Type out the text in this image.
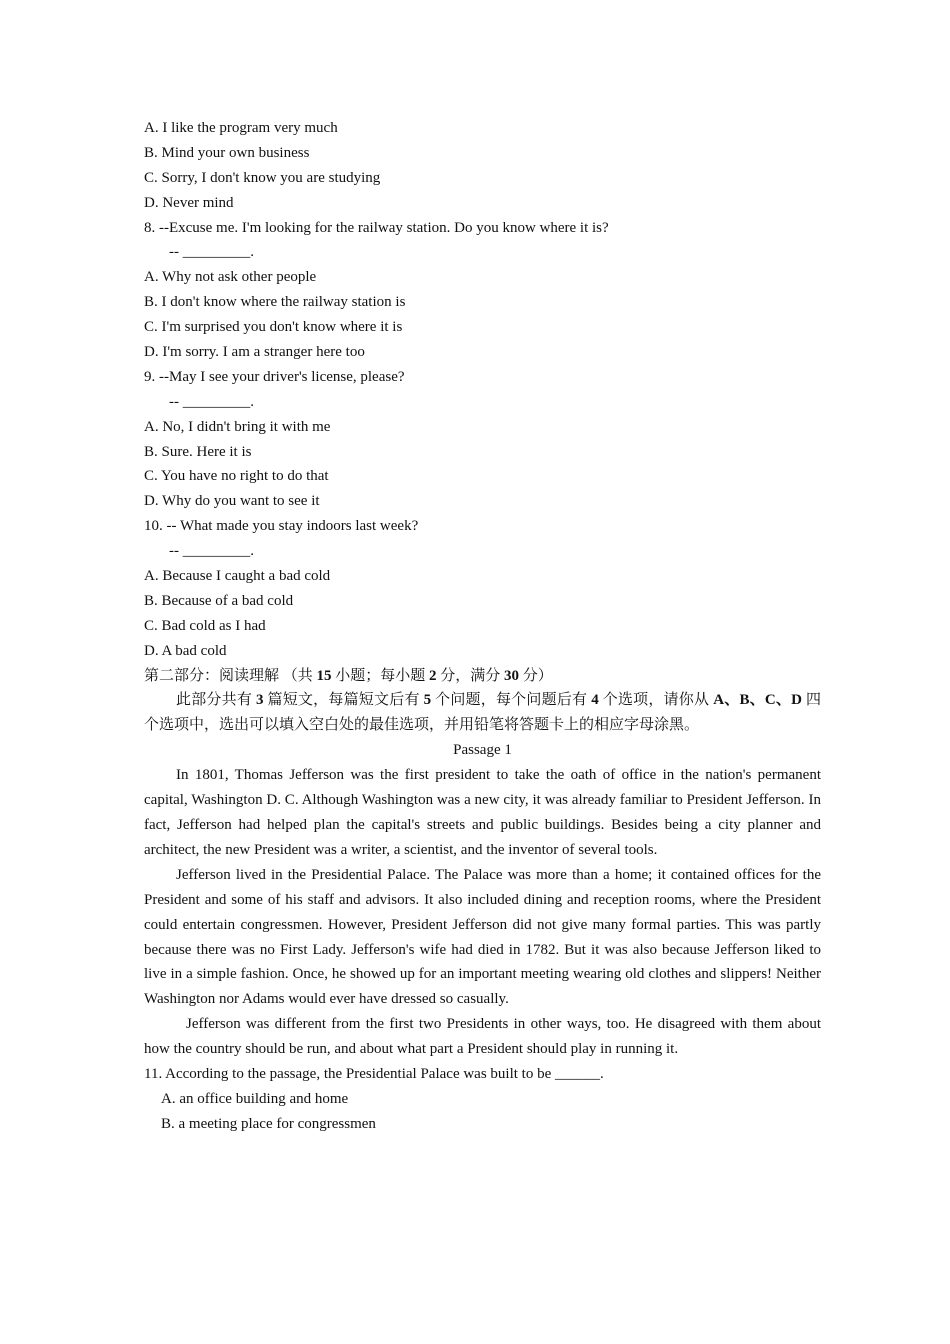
A. I like the program very much
B. Mind your own business
C. Sorry, I don't know you are studying
D. Never mind
8. --Excuse me. I'm looking for the railway station. Do you know where it is?
-- _________.
A. Why not ask other people
B. I don't know where the railway station is
C. I'm surprised you don't know where it is
D. I'm sorry. I am a stranger here too
9. --May I see your driver's license, please?
-- _________.
A. No, I didn't bring it with me
B. Sure. Here it is
C. You have no right to do that
D. Why do you want to see it
10. -- What made you stay indoors last week?
-- _________.
A. Because I caught a bad cold
B. Because of a bad cold
C. Bad cold as I had
D. A bad cold
第二部分：阅读理解 （共 15 小题；每小题 2 分，满分 30 分）

此部分共有 3 篇短文，每篇短文后有 5 个问题，每个问题后有 4 个选项，请你从 A、B、C、D 四个选项中，选出可以填入空白处的最佳选项，并用铅笔将答题卡上的相应字母涂黑。

Passage 1

In 1801, Thomas Jefferson was the first president to take the oath of office in the nation's permanent capital, Washington D. C. Although Washington was a new city, it was already familiar to President Jefferson. In fact, Jefferson had helped plan the capital's streets and public buildings. Besides being a city planner and architect, the new President was a writer, a scientist, and the inventor of several tools.

Jefferson lived in the Presidential Palace. The Palace was more than a home; it contained offices for the President and some of his staff and advisors. It also included dining and reception rooms, where the President could entertain congressmen. However, President Jefferson did not give many formal parties. This was partly because there was no First Lady. Jefferson's wife had died in 1782. But it was also because Jefferson liked to live in a simple fashion. Once, he showed up for an important meeting wearing old clothes and slippers! Neither Washington nor Adams would ever have dressed so casually.

Jefferson was different from the first two Presidents in other ways, too. He disagreed with them about how the country should be run, and about what part a President should play in running it.

11. According to the passage, the Presidential Palace was built to be ______.
A. an office building and home
B. a meeting place for congressmen
